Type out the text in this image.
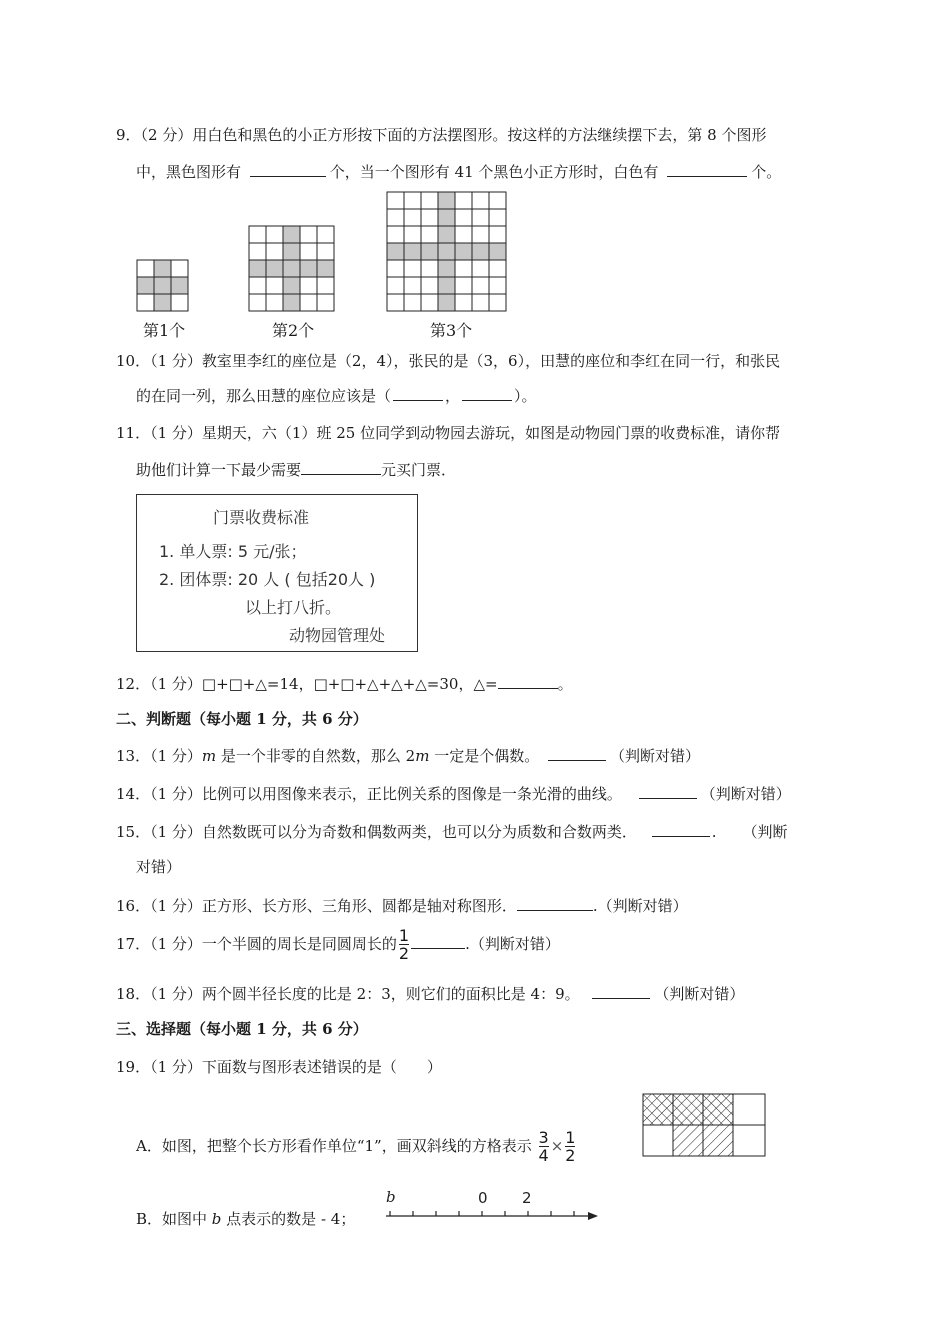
9．（2 分）用白色和黑色的小正方形按下面的方法摆图形。按这样的方法继续摆下去，第 8 个图形
中，黑色图形有	个，当一个图形有 41 个黑色小正方形时，白色有	个。
第1个	第2个	第3个
10．（1 分）教室里李红的座位是（2，4），张民的是（3，6），田慧的座位和李红在同一行，和张民
的在同一列，那么田慧的座位应该是（	，	）。
11．（1 分）星期天，六（1）班 25 位同学到动物园去游玩，如图是动物园门票的收费标准，请你帮
助他们计算一下最少需要	元买门票．
门票收费标准
1. 单人票: 5 元/张；
2. 团体票: 20 人 ( 包括20人 )
以上打八折。
动物园管理处
12．（1 分）□+□+△=14，□+□+△+△+△=30，△=	。
二、判断题（每小题 1 分，共 6 分）
13．（1 分）m 是一个非零的自然数，那么 2m 一定是个偶数。	（判断对错）
14．（1 分）比例可以用图像来表示，正比例关系的图像是一条光滑的曲线。	（判断对错）
15．（1 分）自然数既可以分为奇数和偶数两类，也可以分为质数和合数两类．	. （判断
对错）
16．（1 分）正方形、长方形、三角形、圆都是轴对称图形．	.（判断对错）
17．（1 分）一个半圆的周长是同圆周长的 $\frac{1}{2}$	.（判断对错）
18．（1 分）两个圆半径长度的比是 2：3，则它们的面积比是 4：9。	（判断对错）
三、选择题（每小题 1 分，共 6 分）
19．（1 分）下面数与图形表述错误的是（　　）
A．如图，把整个长方形看作单位“1”，画双斜线的方格表示 $\frac{3}{4} \times \frac{1}{2}$
B．如图中 b 点表示的数是 - 4；
b	0 2
